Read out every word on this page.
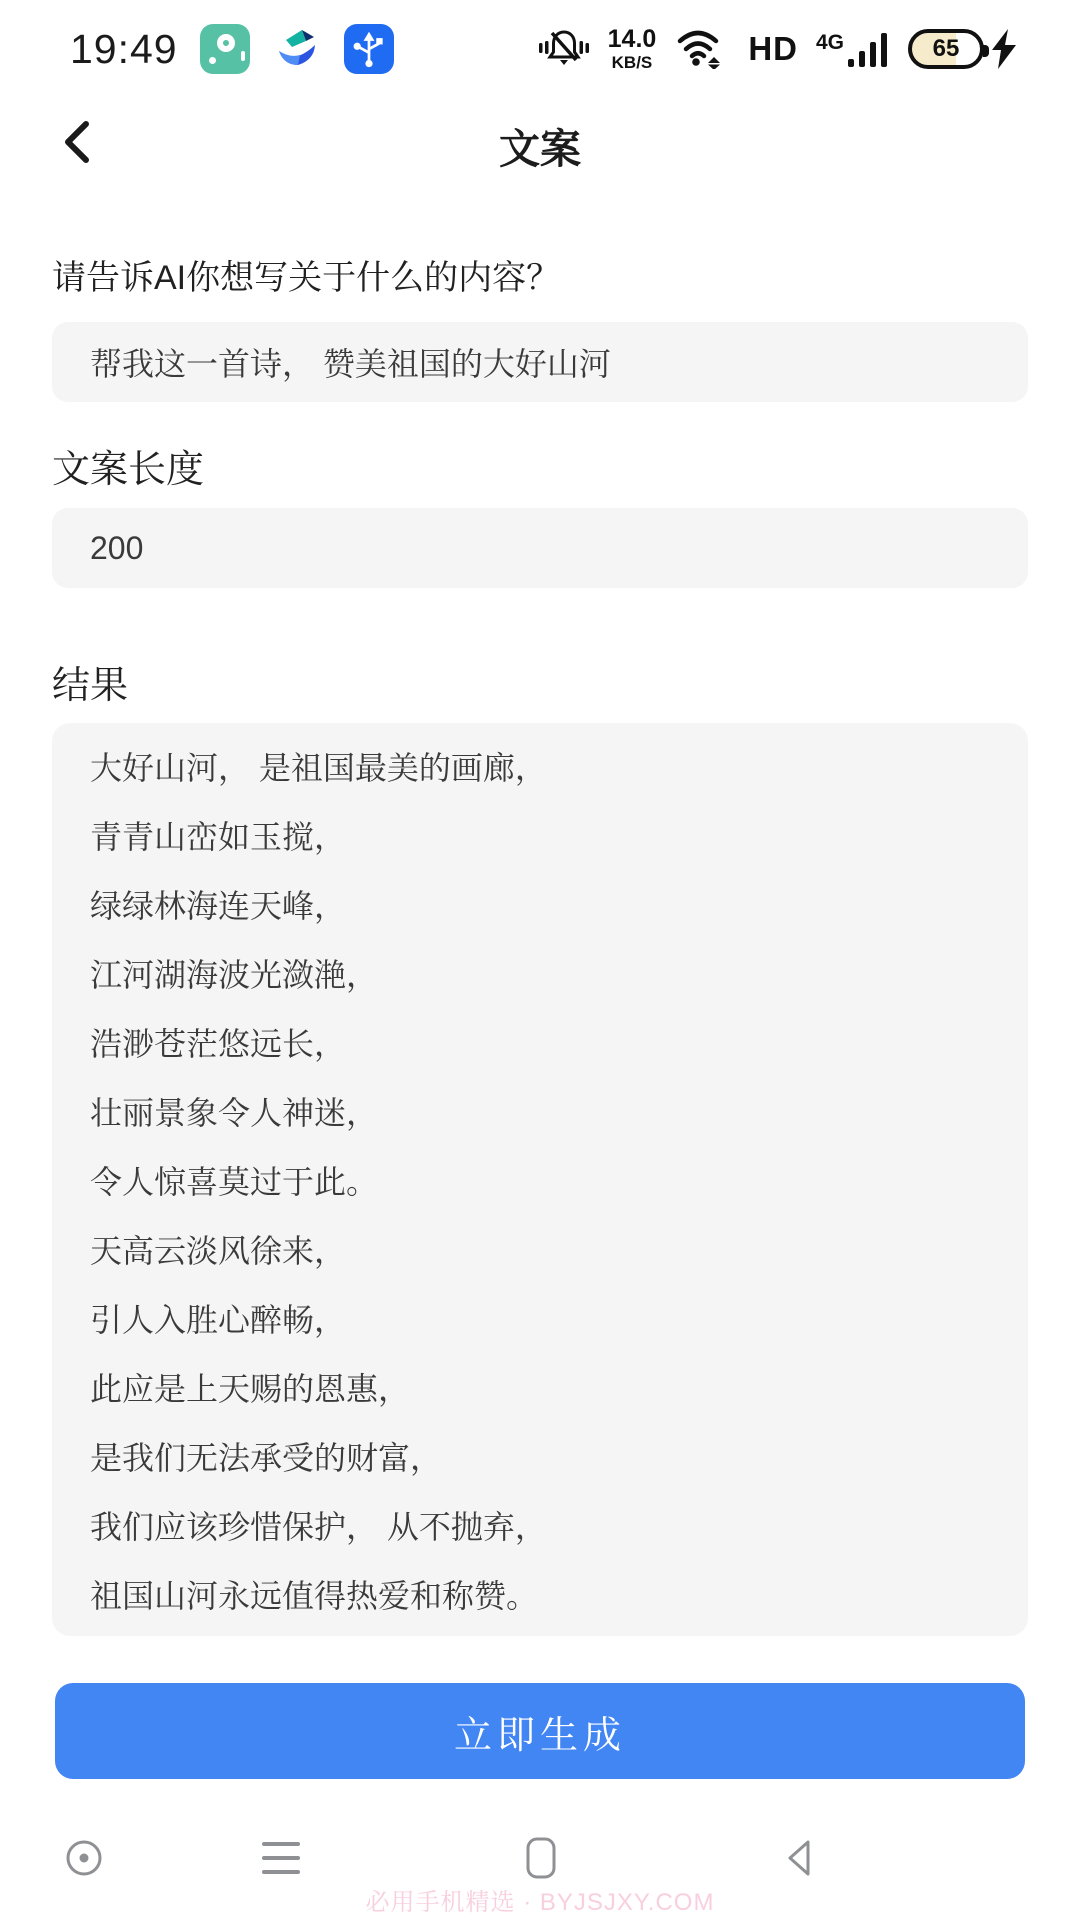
19:49	14.0
KB/S	HD 4G	65
文案
请告诉AI你想写关于什么的内容？
帮我这一首诗， 赞美祖国的大好山河
文案长度
200
结果

大好山河， 是祖国最美的画廊，

青青山峦如玉搅，

绿绿林海连天峰，

江河湖海波光潋滟，

浩渺苍茫悠远长，

壮丽景象令人神迷，

令人惊喜莫过于此。

天高云淡风徐来，

引人入胜心醉畅，

此应是上天赐的恩惠，

是我们无法承受的财富，

我们应该珍惜保护， 从不抛弃，

祖国山河永远值得热爱和称赞。

立即生成
必用手机精选 · BYJSJXY.COM
